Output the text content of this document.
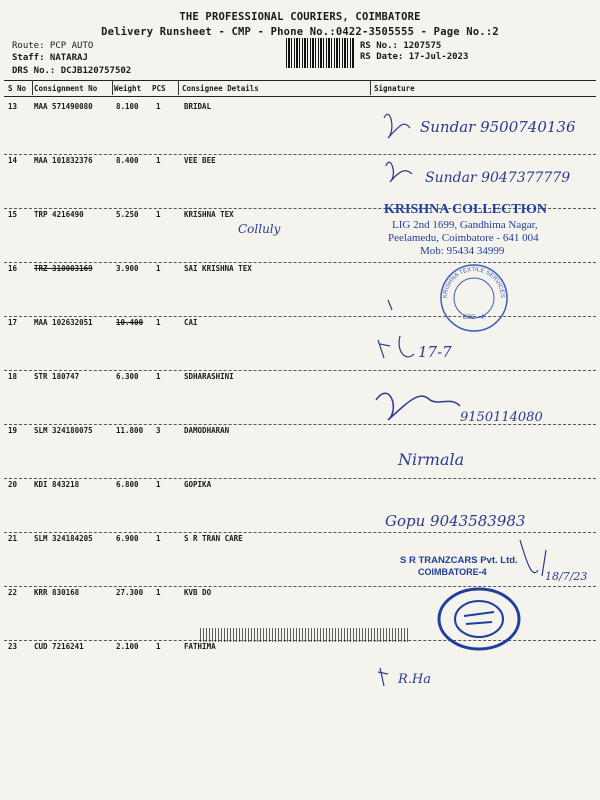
THE PROFESSIONAL COURIERS, COIMBATORE
Delivery Runsheet - CMP - Phone No.:0422-3505555 - Page No.:2
Route: PCP AUTO
Staff: NATARAJ
DRS No.: DCJB120757502
RS No.: 1207575
RS Date: 17-Jul-2023
S No Consignment No Weight PCS Consignee Details	Signature
13 MAA 571490080	8.100 1	BRIDAL
14 MAA 101832376	8.400 1	VEE BEE
15 TRP 4216490	5.250 1	KRISHNA TEX
16 TRZ 310003169	3.900 1	SAI KRISHNA TEX
17 MAA 102632051	10.400 1	CAI
18 STR 180747	6.300 1	SDHARASHINI
19 SLM 324180075	11.800 3	DAMODHARAN
20 KDI 843218	6.800 1	GOPIKA
21 SLM 324184205	6.900 1	S R TRAN CARE
22 KRR 830168	27.300 1	KVB DO
23 CUD 7216241	2.100 1	FATHIMA
Sundar 9500740136
Sundar 9047377779
Colluly
17-7
9150114080
Nirmala
Gopu 9043583983
18/7/23
R.Ha
KRISHNA COLLECTION
LIG 2nd 1699, Gandhima Nagar,
Peelamedu, Coimbatore - 641 004
Mob: 95434 34999
KRISHNA TEXTILE SERVICES
CBE - 4.
S R TRANZCARS Pvt. Ltd.
COIMBATORE-4
